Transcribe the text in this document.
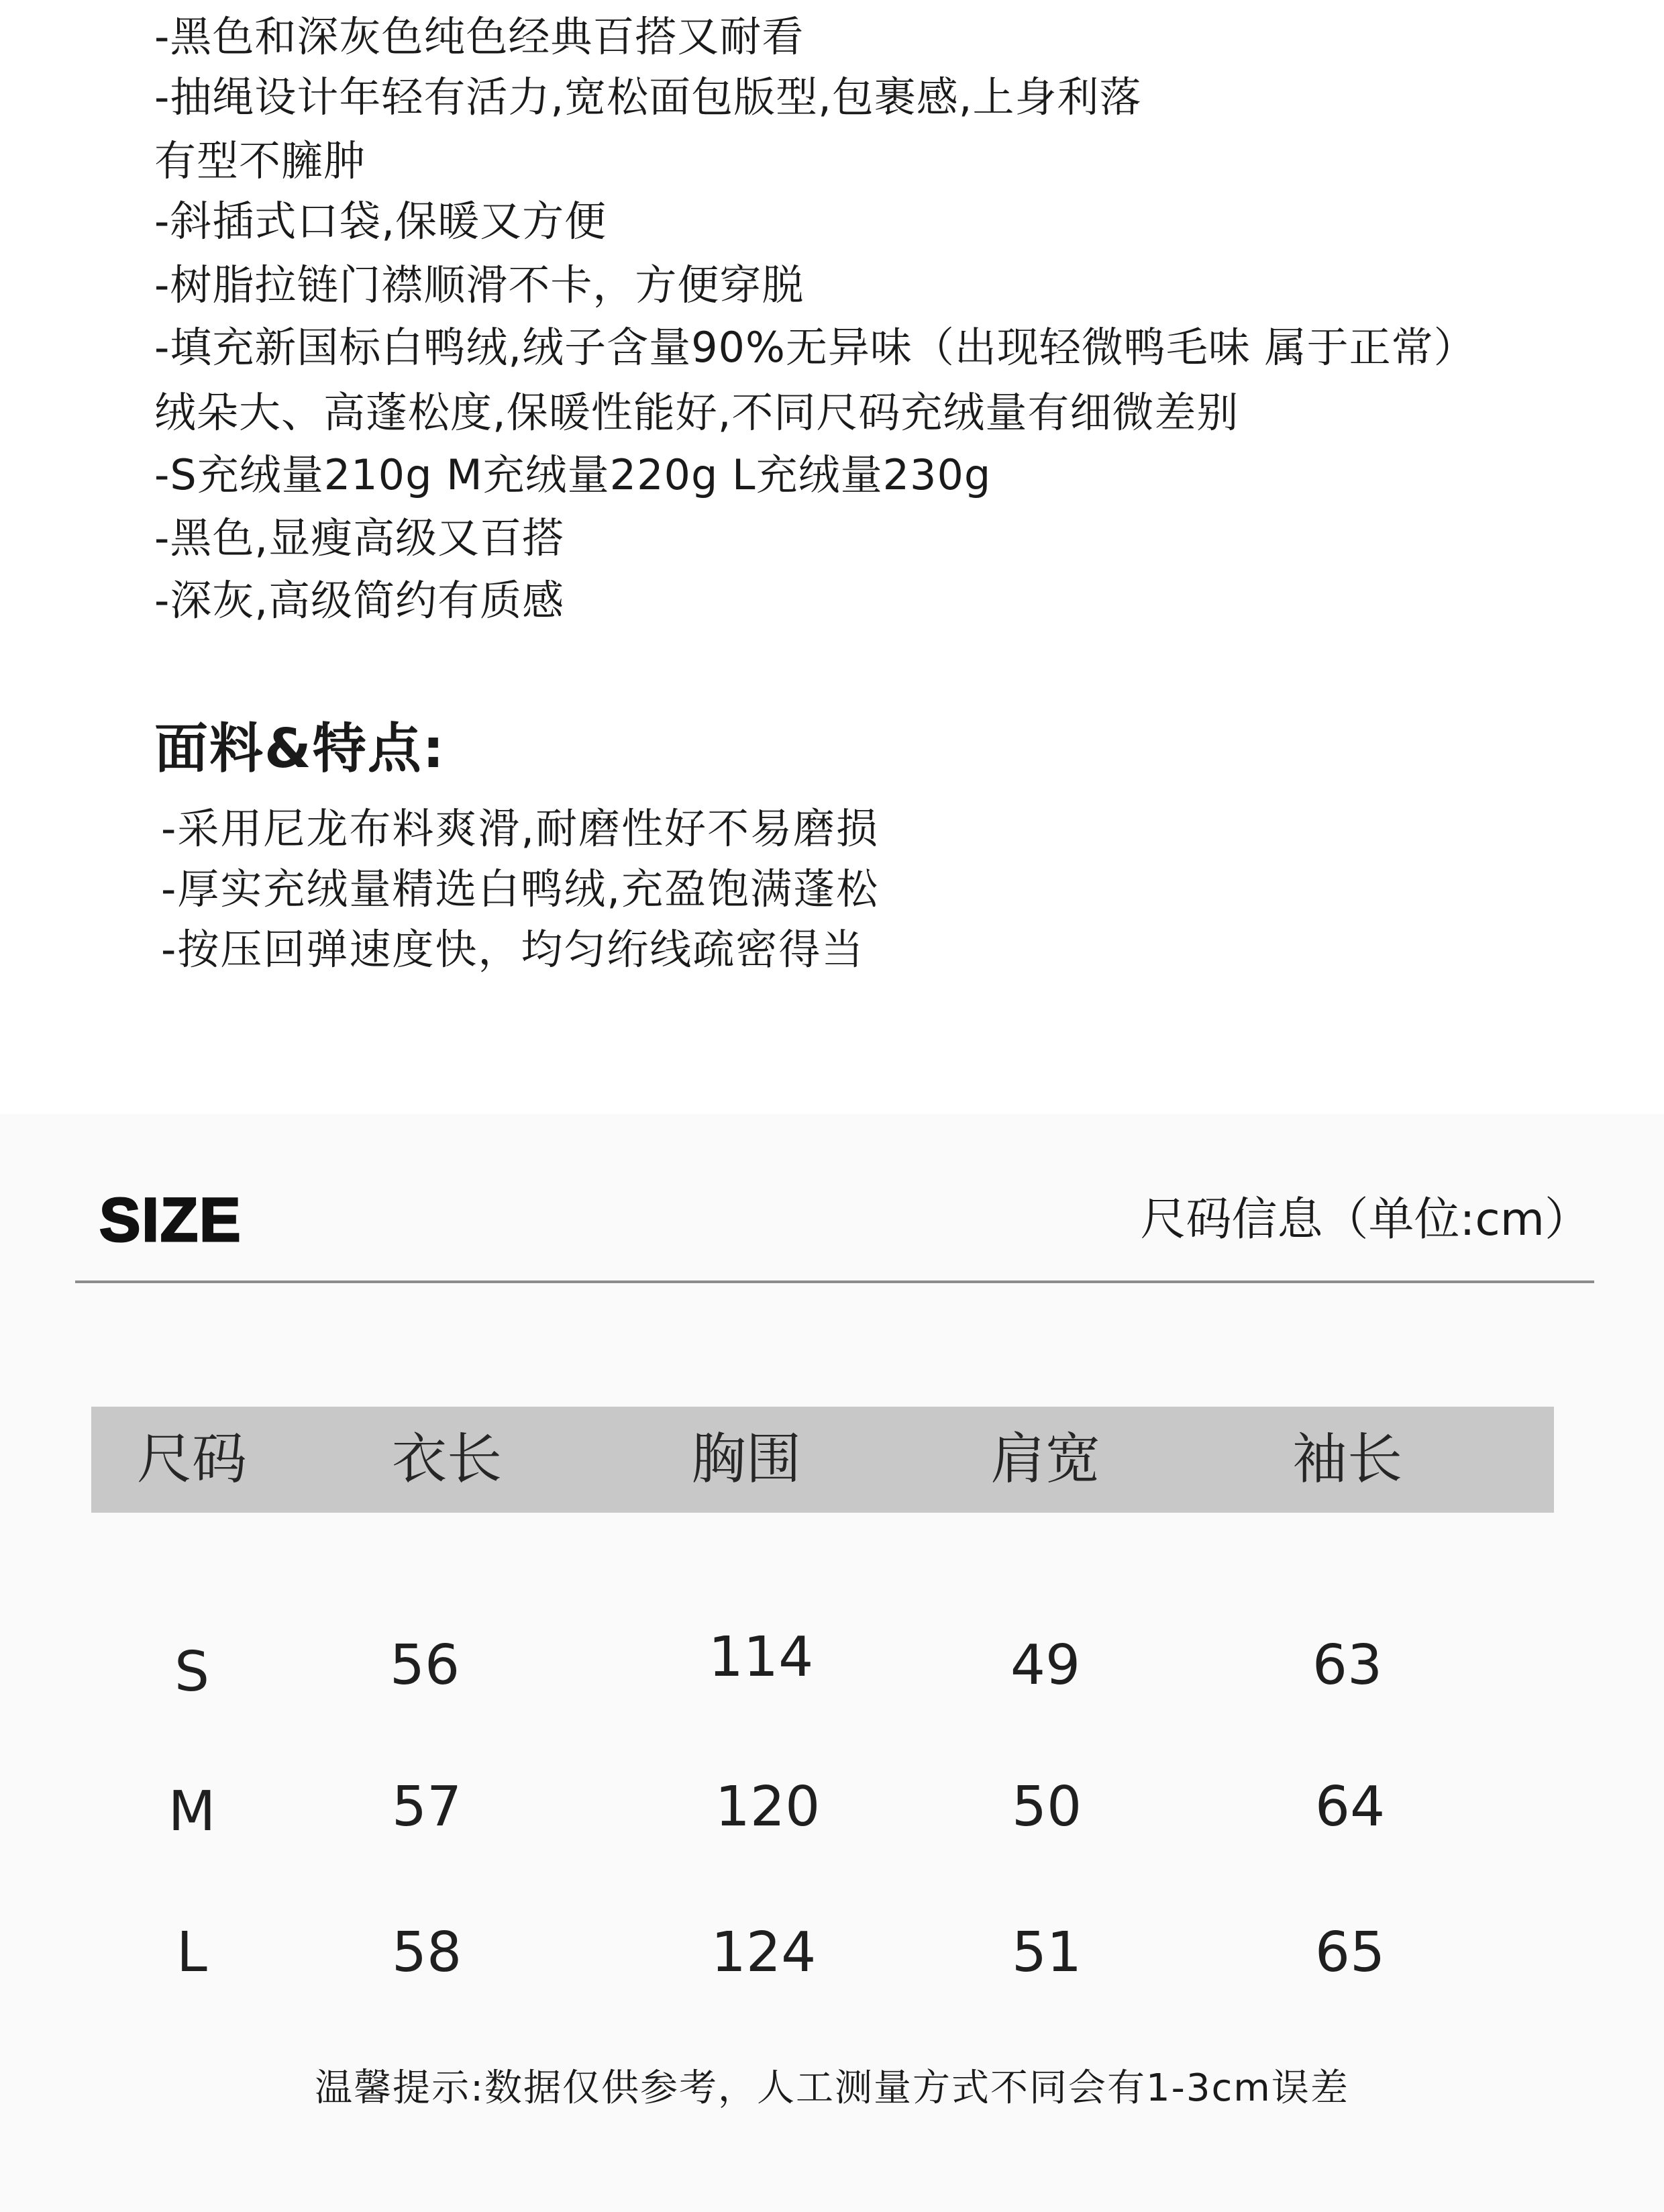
-黑色和深灰色纯色经典百搭又耐看
-抽绳设计年轻有活力,宽松面包版型,包裹感,上身利落
有型不臃肿
-斜插式口袋,保暖又方便
-树脂拉链门襟顺滑不卡，方便穿脱
-填充新国标白鸭绒,绒子含量90%无异味（出现轻微鸭毛味 属于正常）
绒朵大、高蓬松度,保暖性能好,不同尺码充绒量有细微差别
-S充绒量210g M充绒量220g L充绒量230g
-黑色,显瘦高级又百搭
-深灰,高级简约有质感
面料&特点:
-采用尼龙布料爽滑,耐磨性好不易磨损
-厚实充绒量精选白鸭绒,充盈饱满蓬松
-按压回弹速度快，均匀绗线疏密得当
SIZE	尺码信息（单位:cm）
尺码	衣长	胸围	肩宽	袖长
S	56	114	49	63
M	57	120	50	64
L	58	124	51	65
温馨提示:数据仅供参考，人工测量方式不同会有1-3cm误差
